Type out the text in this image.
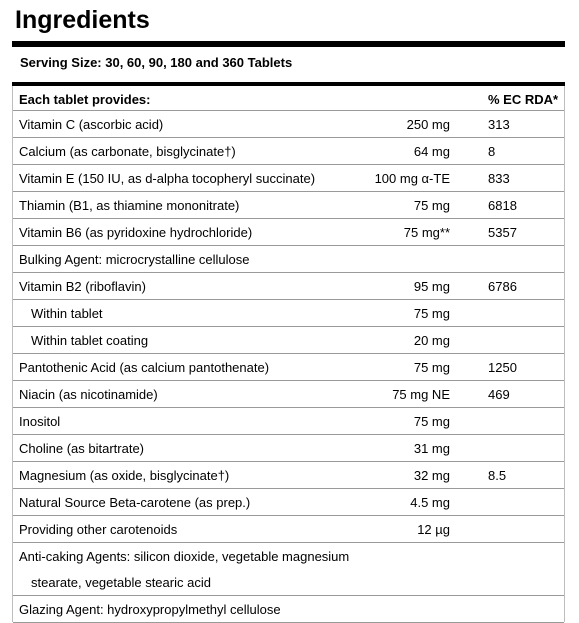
Ingredients
Serving Size: 30, 60, 90, 180 and 360 Tablets
Each tablet provides:		% EC RDA*
Vitamin C (ascorbic acid)	250 mg	313
Calcium (as carbonate, bisglycinate†)	64 mg	8
Vitamin E (150 IU, as d-alpha tocopheryl succinate)	100 mg α-TE	833
Thiamin (B1, as thiamine mononitrate)	75 mg	6818
Vitamin B6 (as pyridoxine hydrochloride)	75 mg**	5357
Bulking Agent: microcrystalline cellulose		
Vitamin B2 (riboflavin)	95 mg	6786
Within tablet	75 mg	
Within tablet coating	20 mg	
Pantothenic Acid (as calcium pantothenate)	75 mg	1250
Niacin (as nicotinamide)	75 mg NE	469
Inositol	75 mg	
Choline (as bitartrate)	31 mg	
Magnesium (as oxide, bisglycinate†)	32 mg	8.5
Natural Source Beta-carotene (as prep.)	4.5 mg	
Providing other carotenoids	12 µg	
Anti-caking Agents: silicon dioxide, vegetable magnesium		
stearate, vegetable stearic acid		
Glazing Agent: hydroxypropylmethyl cellulose		
